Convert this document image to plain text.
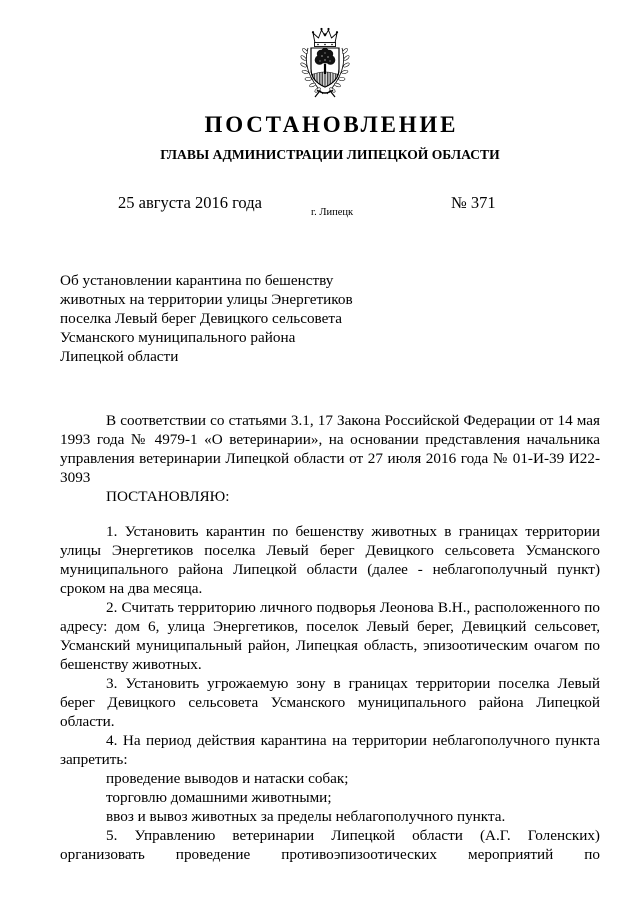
ПОСТАНОВЛЕНИЕ
ГЛАВЫ АДМИНИСТРАЦИИ ЛИПЕЦКОЙ ОБЛАСТИ
25 августа 2016 года
г. Липецк
№ 371
Об установлении карантина по бешенству
животных на территории улицы Энергетиков
поселка Левый берег Девицкого сельсовета
Усманского муниципального района
Липецкой области
В соответствии со статьями 3.1, 17 Закона Российской Федерации от 14 мая
1993 года № 4979-1 «О ветеринарии», на основании представления начальника
управления ветеринарии Липецкой области от 27 июля 2016 года № 01-И-39 И22-
3093
ПОСТАНОВЛЯЮ:
1. Установить карантин по бешенству животных в границах территории
улицы Энергетиков поселка Левый берег Девицкого сельсовета Усманского
муниципального района Липецкой области (далее - неблагополучный пункт)
сроком на два месяца.
2. Считать территорию личного подворья Леонова В.Н., расположенного по
адресу: дом 6, улица Энергетиков, поселок Левый берег, Девицкий сельсовет,
Усманский муниципальный район, Липецкая область, эпизоотическим очагом по
бешенству животных.
3. Установить угрожаемую зону в границах территории поселка Левый
берег Девицкого сельсовета Усманского муниципального района Липецкой
области.
4. На период действия карантина на территории неблагополучного пункта
запретить:
проведение выводов и натаски собак;
торговлю домашними животными;
ввоз и вывоз животных за пределы неблагополучного пункта.
5. Управлению ветеринарии Липецкой области (А.Г. Голенских)
организовать проведение противоэпизоотических мероприятий по
